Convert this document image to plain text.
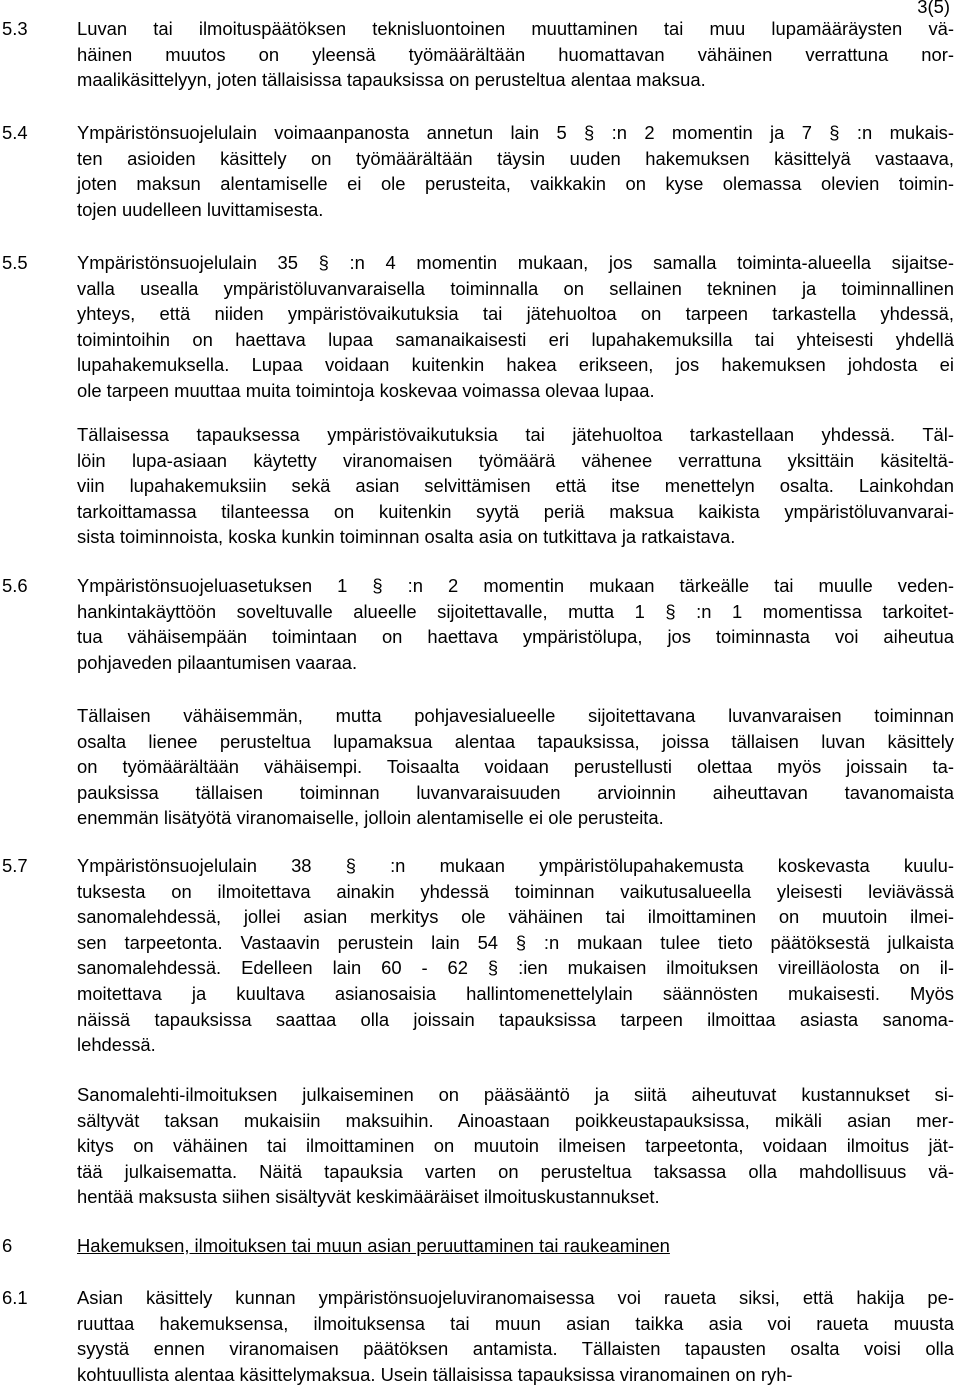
3(5)
5.3	Luvan tai ilmoituspäätöksen teknisluontoinen muuttaminen tai muu lupamääräysten vä-
häinen muutos on yleensä työmäärältään huomattavan vähäinen verrattuna nor-
maalikäsittelyyn, joten tällaisissa tapauksissa on perusteltua alentaa maksua.
5.4	Ympäristönsuojelulain voimaanpanosta annetun lain 5 § :n 2 momentin ja 7 § :n mukais-
ten asioiden käsittely on työmäärältään täysin uuden hakemuksen käsittelyä vastaava,
joten maksun alentamiselle ei ole perusteita, vaikkakin on kyse olemassa olevien toimin-
tojen uudelleen luvittamisesta.
5.5	Ympäristönsuojelulain 35 § :n 4 momentin mukaan, jos samalla toiminta-alueella sijaitse-
valla usealla ympäristöluvanvaraisella toiminnalla on sellainen tekninen ja toiminnallinen
yhteys, että niiden ympäristövaikutuksia tai jätehuoltoa on tarpeen tarkastella yhdessä,
toimintoihin on haettava lupaa samanaikaisesti eri lupahakemuksilla tai yhteisesti yhdellä
lupahakemuksella. Lupaa voidaan kuitenkin hakea erikseen, jos hakemuksen johdosta ei
ole tarpeen muuttaa muita toimintoja koskevaa voimassa olevaa lupaa.
Tällaisessa tapauksessa ympäristövaikutuksia tai jätehuoltoa tarkastellaan yhdessä. Täl-
löin lupa-asiaan käytetty viranomaisen työmäärä vähenee verrattuna yksittäin käsiteltä-
viin lupahakemuksiin sekä asian selvittämisen että itse menettelyn osalta. Lainkohdan
tarkoittamassa tilanteessa on kuitenkin syytä periä maksua kaikista ympäristöluvanvarai-
sista toiminnoista, koska kunkin toiminnan osalta asia on tutkittava ja ratkaistava.
5.6	Ympäristönsuojeluasetuksen 1 § :n 2 momentin mukaan tärkeälle tai muulle veden-
hankintakäyttöön soveltuvalle alueelle sijoitettavalle, mutta 1 § :n 1 momentissa tarkoitet-
tua vähäisempään toimintaan on haettava ympäristölupa, jos toiminnasta voi aiheutua
pohjaveden pilaantumisen vaaraa.
Tällaisen vähäisemmän, mutta pohjavesialueelle sijoitettavana luvanvaraisen toiminnan
osalta lienee perusteltua lupamaksua alentaa tapauksissa, joissa tällaisen luvan käsittely
on työmäärältään vähäisempi. Toisaalta voidaan perustellusti olettaa myös joissain ta-
pauksissa tällaisen toiminnan luvanvaraisuuden arvioinnin aiheuttavan tavanomaista
enemmän lisätyötä viranomaiselle, jolloin alentamiselle ei ole perusteita.
5.7	Ympäristönsuojelulain 38 § :n mukaan ympäristölupahakemusta koskevasta kuulu-
tuksesta on ilmoitettava ainakin yhdessä toiminnan vaikutusalueella yleisesti leviävässä
sanomalehdessä, jollei asian merkitys ole vähäinen tai ilmoittaminen on muutoin ilmei-
sen tarpeetonta. Vastaavin perustein lain 54 § :n mukaan tulee tieto päätöksestä julkaista
sanomalehdessä. Edelleen lain 60 - 62 § :ien mukaisen ilmoituksen vireilläolosta on il-
moitettava ja kuultava asianosaisia hallintomenettelylain säännösten mukaisesti. Myös
näissä tapauksissa saattaa olla joissain tapauksissa tarpeen ilmoittaa asiasta sanoma-
lehdessä.
Sanomalehti-ilmoituksen julkaiseminen on pääsääntö ja siitä aiheutuvat kustannukset si-
sältyvät taksan mukaisiin maksuihin. Ainoastaan poikkeustapauksissa, mikäli asian mer-
kitys on vähäinen tai ilmoittaminen on muutoin ilmeisen tarpeetonta, voidaan ilmoitus jät-
tää julkaisematta. Näitä tapauksia varten on perusteltua taksassa olla mahdollisuus vä-
hentää maksusta siihen sisältyvät keskimääräiset ilmoituskustannukset.
6	Hakemuksen, ilmoituksen tai muun asian peruuttaminen tai raukeaminen
6.1	Asian käsittely kunnan ympäristönsuojeluviranomaisessa voi raueta siksi, että hakija pe-
ruuttaa hakemuksensa, ilmoituksensa tai muun asian taikka asia voi raueta muusta
syystä ennen viranomaisen päätöksen antamista. Tällaisten tapausten osalta voisi olla
kohtuullista alentaa käsittelymaksua. Usein tällaisissa tapauksissa viranomainen on ryh-
